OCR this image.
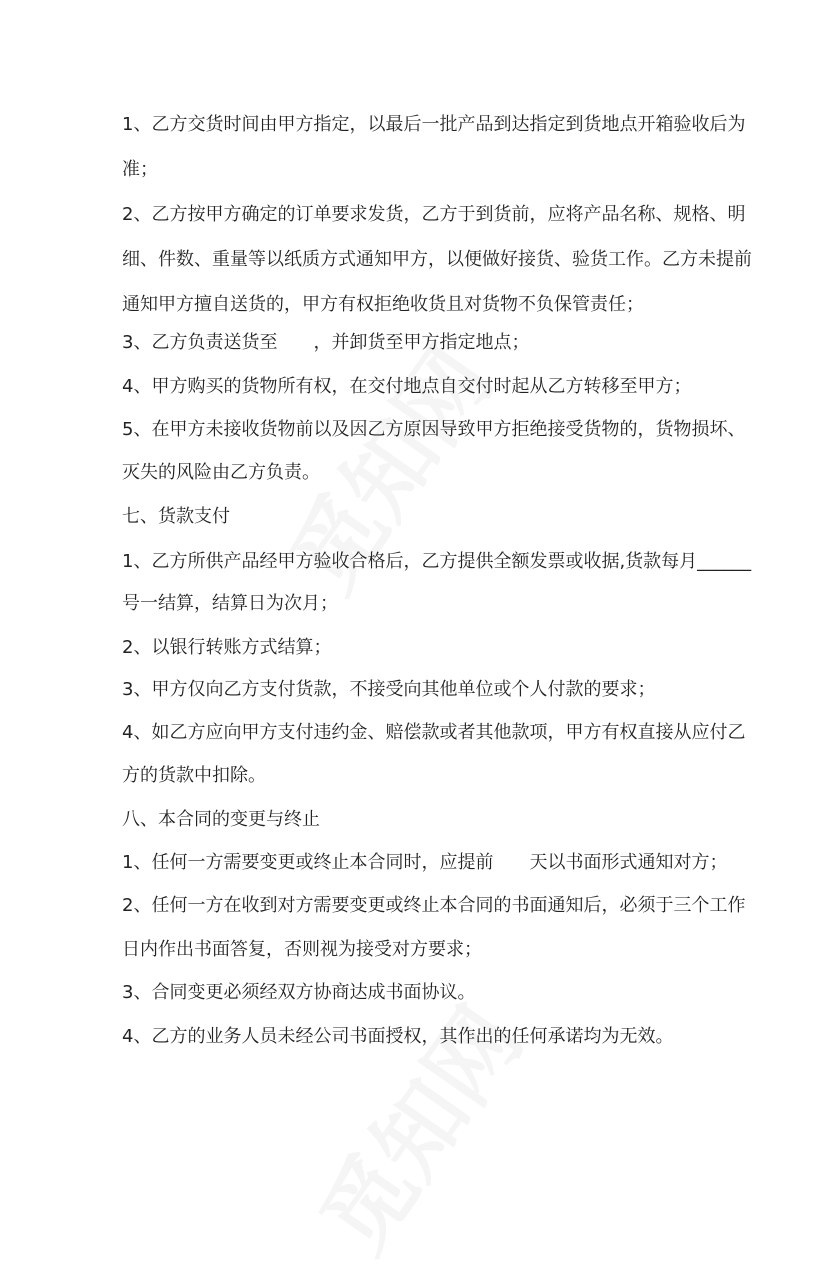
1、乙方交货时间由甲方指定，以最后一批产品到达指定到货地点开箱验收后为
准；
2、乙方按甲方确定的订单要求发货，乙方于到货前，应将产品名称、规格、明
细、件数、重量等以纸质方式通知甲方，以便做好接货、验货工作。乙方未提前
通知甲方擅自送货的，甲方有权拒绝收货且对货物不负保管责任；
3、乙方负责送货至　　，并卸货至甲方指定地点；
4、甲方购买的货物所有权，在交付地点自交付时起从乙方转移至甲方；
5、在甲方未接收货物前以及因乙方原因导致甲方拒绝接受货物的，货物损坏、
灭失的风险由乙方负责。
七、货款支付
1、乙方所供产品经甲方验收合格后，乙方提供全额发票或收据,货款每月______
号一结算，结算日为次月；
2、以银行转账方式结算；
3、甲方仅向乙方支付货款，不接受向其他单位或个人付款的要求；
4、如乙方应向甲方支付违约金、赔偿款或者其他款项，甲方有权直接从应付乙
方的货款中扣除。
八、本合同的变更与终止
1、任何一方需要变更或终止本合同时，应提前　　天以书面形式通知对方；
2、任何一方在收到对方需要变更或终止本合同的书面通知后，必须于三个工作
日内作出书面答复，否则视为接受对方要求；
3、合同变更必须经双方协商达成书面协议。
4、乙方的业务人员未经公司书面授权，其作出的任何承诺均为无效。
